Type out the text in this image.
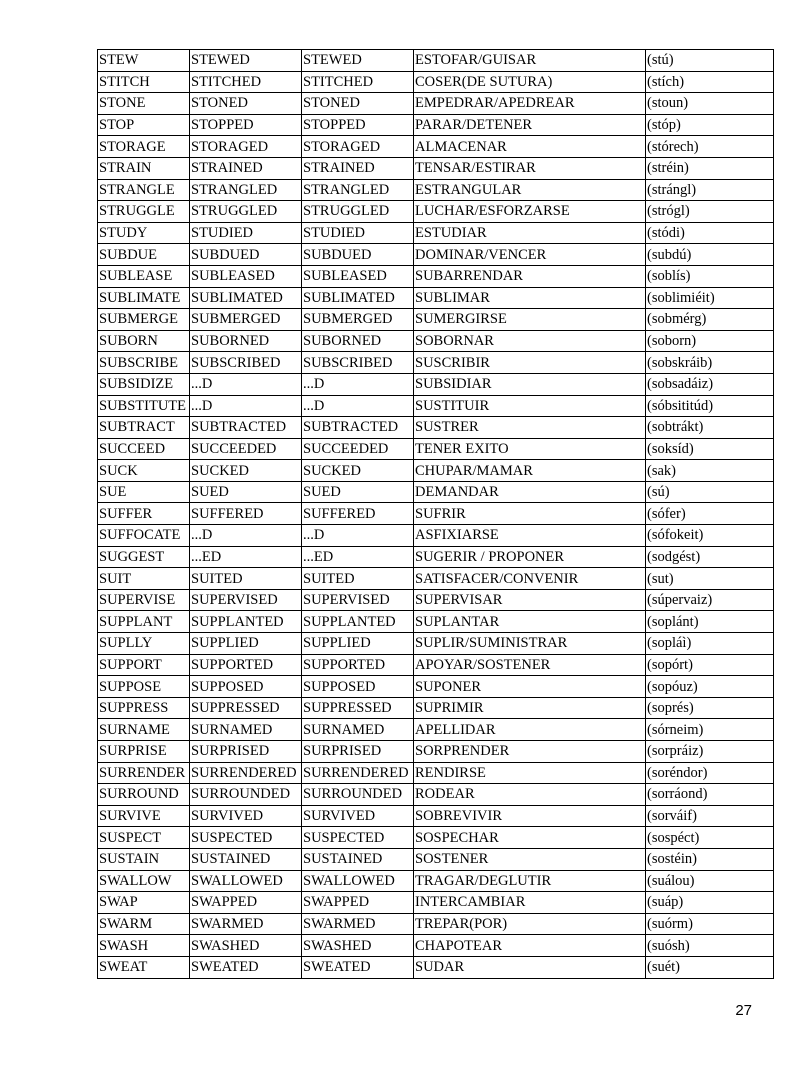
STEW	STEWED	STEWED	ESTOFAR/GUISAR	(stú)
STITCH	STITCHED	STITCHED	COSER(DE SUTURA)	(stích)
STONE	STONED	STONED	EMPEDRAR/APEDREAR	(stoun)
STOP	STOPPED	STOPPED	PARAR/DETENER	(stóp)
STORAGE	STORAGED	STORAGED	ALMACENAR	(stórech)
STRAIN	STRAINED	STRAINED	TENSAR/ESTIRAR	(stréin)
STRANGLE	STRANGLED	STRANGLED	ESTRANGULAR	(strángl)
STRUGGLE	STRUGGLED	STRUGGLED	LUCHAR/ESFORZARSE	(strógl)
STUDY	STUDIED	STUDIED	ESTUDIAR	(stódi)
SUBDUE	SUBDUED	SUBDUED	DOMINAR/VENCER	(subdú)
SUBLEASE	SUBLEASED	SUBLEASED	SUBARRENDAR	(soblís)
SUBLIMATE	SUBLIMATED	SUBLIMATED	SUBLIMAR	(soblimiéit)
SUBMERGE	SUBMERGED	SUBMERGED	SUMERGIRSE	(sobmérg)
SUBORN	SUBORNED	SUBORNED	SOBORNAR	(soborn)
SUBSCRIBE	SUBSCRIBED	SUBSCRIBED	SUSCRIBIR	(sobskráib)
SUBSIDIZE	...D	...D	SUBSIDIAR	(sobsadáiz)
SUBSTITUTE	...D	...D	SUSTITUIR	(sóbsititúd)
SUBTRACT	SUBTRACTED	SUBTRACTED	SUSTRER	(sobtrákt)
SUCCEED	SUCCEEDED	SUCCEEDED	TENER EXITO	(soksíd)
SUCK	SUCKED	SUCKED	CHUPAR/MAMAR	(sak)
SUE	SUED	SUED	DEMANDAR	(sú)
SUFFER	SUFFERED	SUFFERED	SUFRIR	(sófer)
SUFFOCATE	...D	...D	ASFIXIARSE	(sófokeit)
SUGGEST	...ED	...ED	SUGERIR / PROPONER	(sodgést)
SUIT	SUITED	SUITED	SATISFACER/CONVENIR	(sut)
SUPERVISE	SUPERVISED	SUPERVISED	SUPERVISAR	(súpervaiz)
SUPPLANT	SUPPLANTED	SUPPLANTED	SUPLANTAR	(soplánt)
SUPLLY	SUPPLIED	SUPPLIED	SUPLIR/SUMINISTRAR	(sopláì)
SUPPORT	SUPPORTED	SUPPORTED	APOYAR/SOSTENER	(sopórt)
SUPPOSE	SUPPOSED	SUPPOSED	SUPONER	(sopóuz)
SUPPRESS	SUPPRESSED	SUPPRESSED	SUPRIMIR	(soprés)
SURNAME	SURNAMED	SURNAMED	APELLIDAR	(sórneim)
SURPRISE	SURPRISED	SURPRISED	SORPRENDER	(sorpráiz)
SURRENDER	SURRENDERED	SURRENDERED	RENDIRSE	(soréndor)
SURROUND	SURROUNDED	SURROUNDED	RODEAR	(sorráond)
SURVIVE	SURVIVED	SURVIVED	SOBREVIVIR	(sorváif)
SUSPECT	SUSPECTED	SUSPECTED	SOSPECHAR	(sospéct)
SUSTAIN	SUSTAINED	SUSTAINED	SOSTENER	(sostéin)
SWALLOW	SWALLOWED	SWALLOWED	TRAGAR/DEGLUTIR	(suálou)
SWAP	SWAPPED	SWAPPED	INTERCAMBIAR	(suáp)
SWARM	SWARMED	SWARMED	TREPAR(POR)	(suórm)
SWASH	SWASHED	SWASHED	CHAPOTEAR	(suósh)
SWEAT	SWEATED	SWEATED	SUDAR	(suét)
27
